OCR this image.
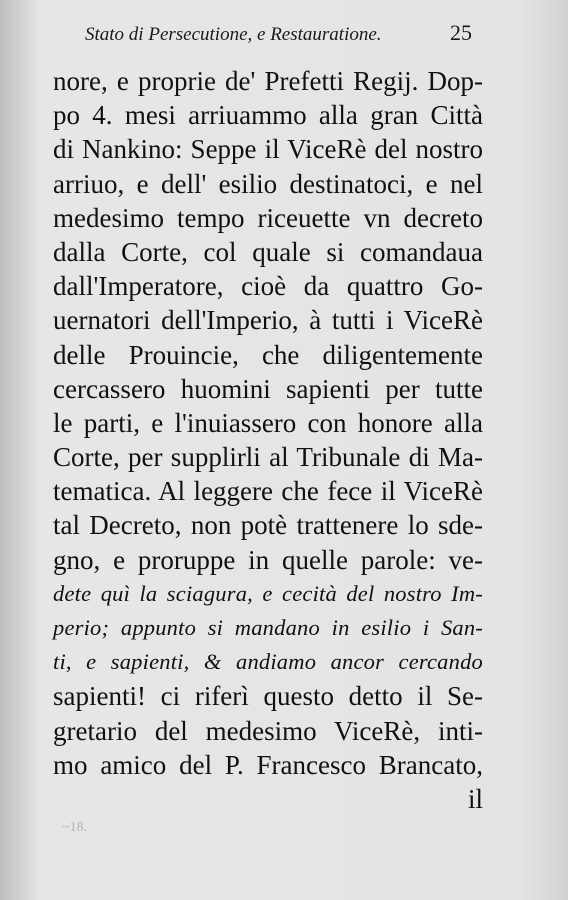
Stato di Persecutione, e Restauratione.	25
nore, e proprie de' Prefetti Regij. Dop-
po 4. mesi arriuammo alla gran Città
di Nankino: Seppe il ViceRè del nostro
arriuo, e dell' esilio destinatoci, e nel
medesimo tempo riceuette vn decreto
dalla Corte, col quale si comandaua
dall'Imperatore, cioè da quattro Go-
uernatori dell'Imperio, à tutti i ViceRè
delle Prouincie, che diligentemente
cercassero huomini sapienti per tutte
le parti, e l'inuiassero con honore alla
Corte, per supplirli al Tribunale di Ma-
tematica. Al leggere che fece il ViceRè
tal Decreto, non potè trattenere lo sde-
gno, e proruppe in quelle parole: ve-
dete quì la sciagura, e cecità del nostro Im-
perio; appunto si mandano in esilio i San-
ti, e sapienti, & andiamo ancor cercando
sapienti! ci riferì questo detto il Se-
gretario del medesimo ViceRè, inti-
mo amico del P. Francesco Brancato,
il
~18.
